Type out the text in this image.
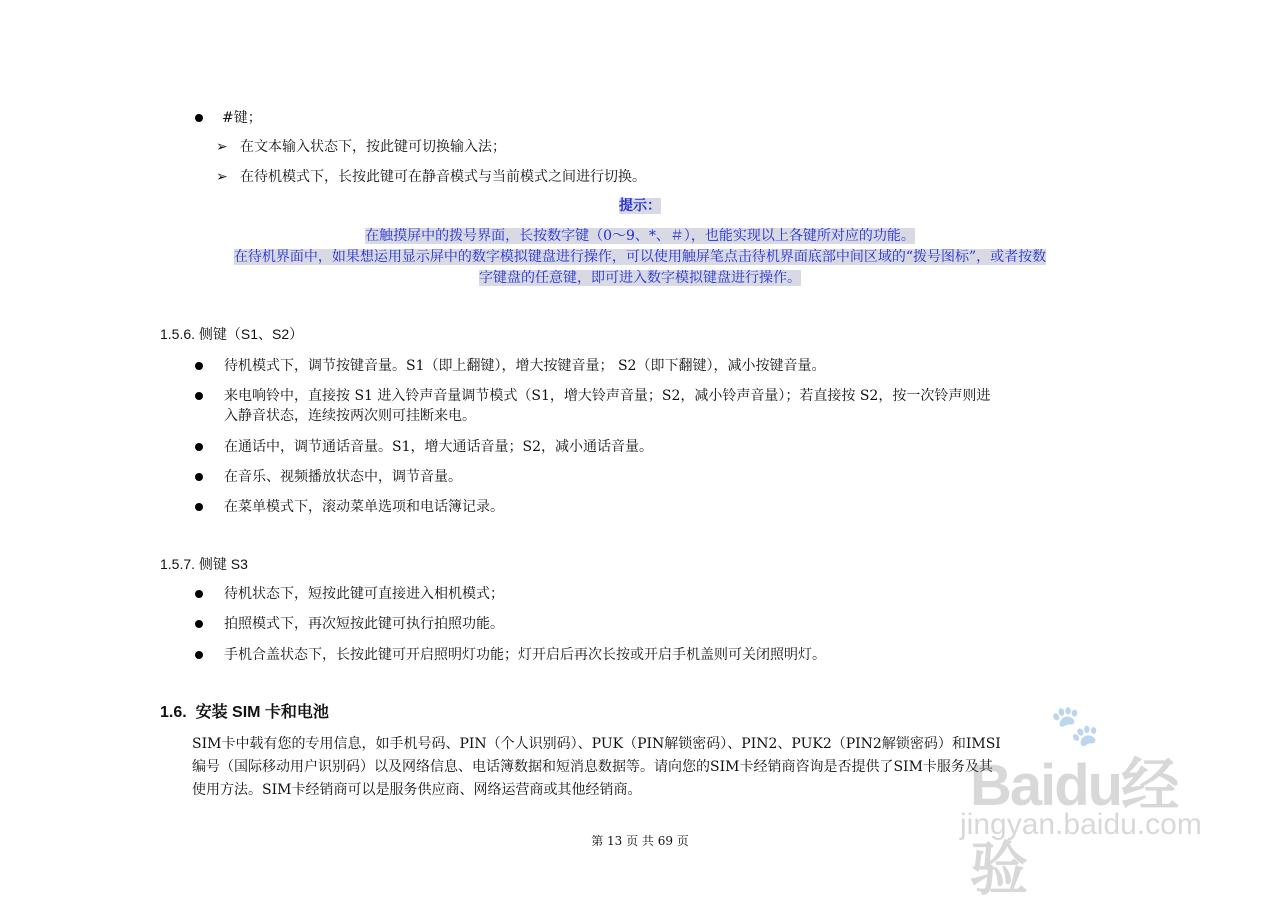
#键；
➢ 在文本输入状态下，按此键可切换输入法；
➢ 在待机模式下，长按此键可在静音模式与当前模式之间进行切换。
提示：
在触摸屏中的拨号界面，长按数字键（0～9、*、＃），也能实现以上各键所对应的功能。
在待机界面中，如果想运用显示屏中的数字模拟键盘进行操作，可以使用触屏笔点击待机界面底部中间区域的“拨号图标”，或者按数
字键盘的任意键，即可进入数字模拟键盘进行操作。
1.5.6. 侧键（S1、S2）
待机模式下，调节按键音量。S1（即上翻键），增大按键音量； S2（即下翻键），减小按键音量。
来电响铃中，直接按 S1 进入铃声音量调节模式（S1，增大铃声音量；S2，减小铃声音量）；若直接按 S2，按一次铃声则进
入静音状态，连续按两次则可挂断来电。
在通话中，调节通话音量。S1，增大通话音量；S2，减小通话音量。
在音乐、视频播放状态中，调节音量。
在菜单模式下，滚动菜单选项和电话簿记录。
1.5.7. 侧键 S3
待机状态下，短按此键可直接进入相机模式；
拍照模式下，再次短按此键可执行拍照功能。
手机合盖状态下，长按此键可开启照明灯功能；灯开启后再次长按或开启手机盖则可关闭照明灯。
1.6. 安装 SIM 卡和电池
SIM卡中载有您的专用信息，如手机号码、PIN（个人识别码）、PUK（PIN解锁密码）、PIN2、PUK2（PIN2解锁密码）和IMSI
编号（国际移动用户识别码）以及网络信息、电话簿数据和短消息数据等。请向您的SIM卡经销商咨询是否提供了SIM卡服务及其
使用方法。SIM卡经销商可以是服务供应商、网络运营商或其他经销商。
第 13 页 共 69 页
🐾
Baidu经验
jingyan.baidu.com
